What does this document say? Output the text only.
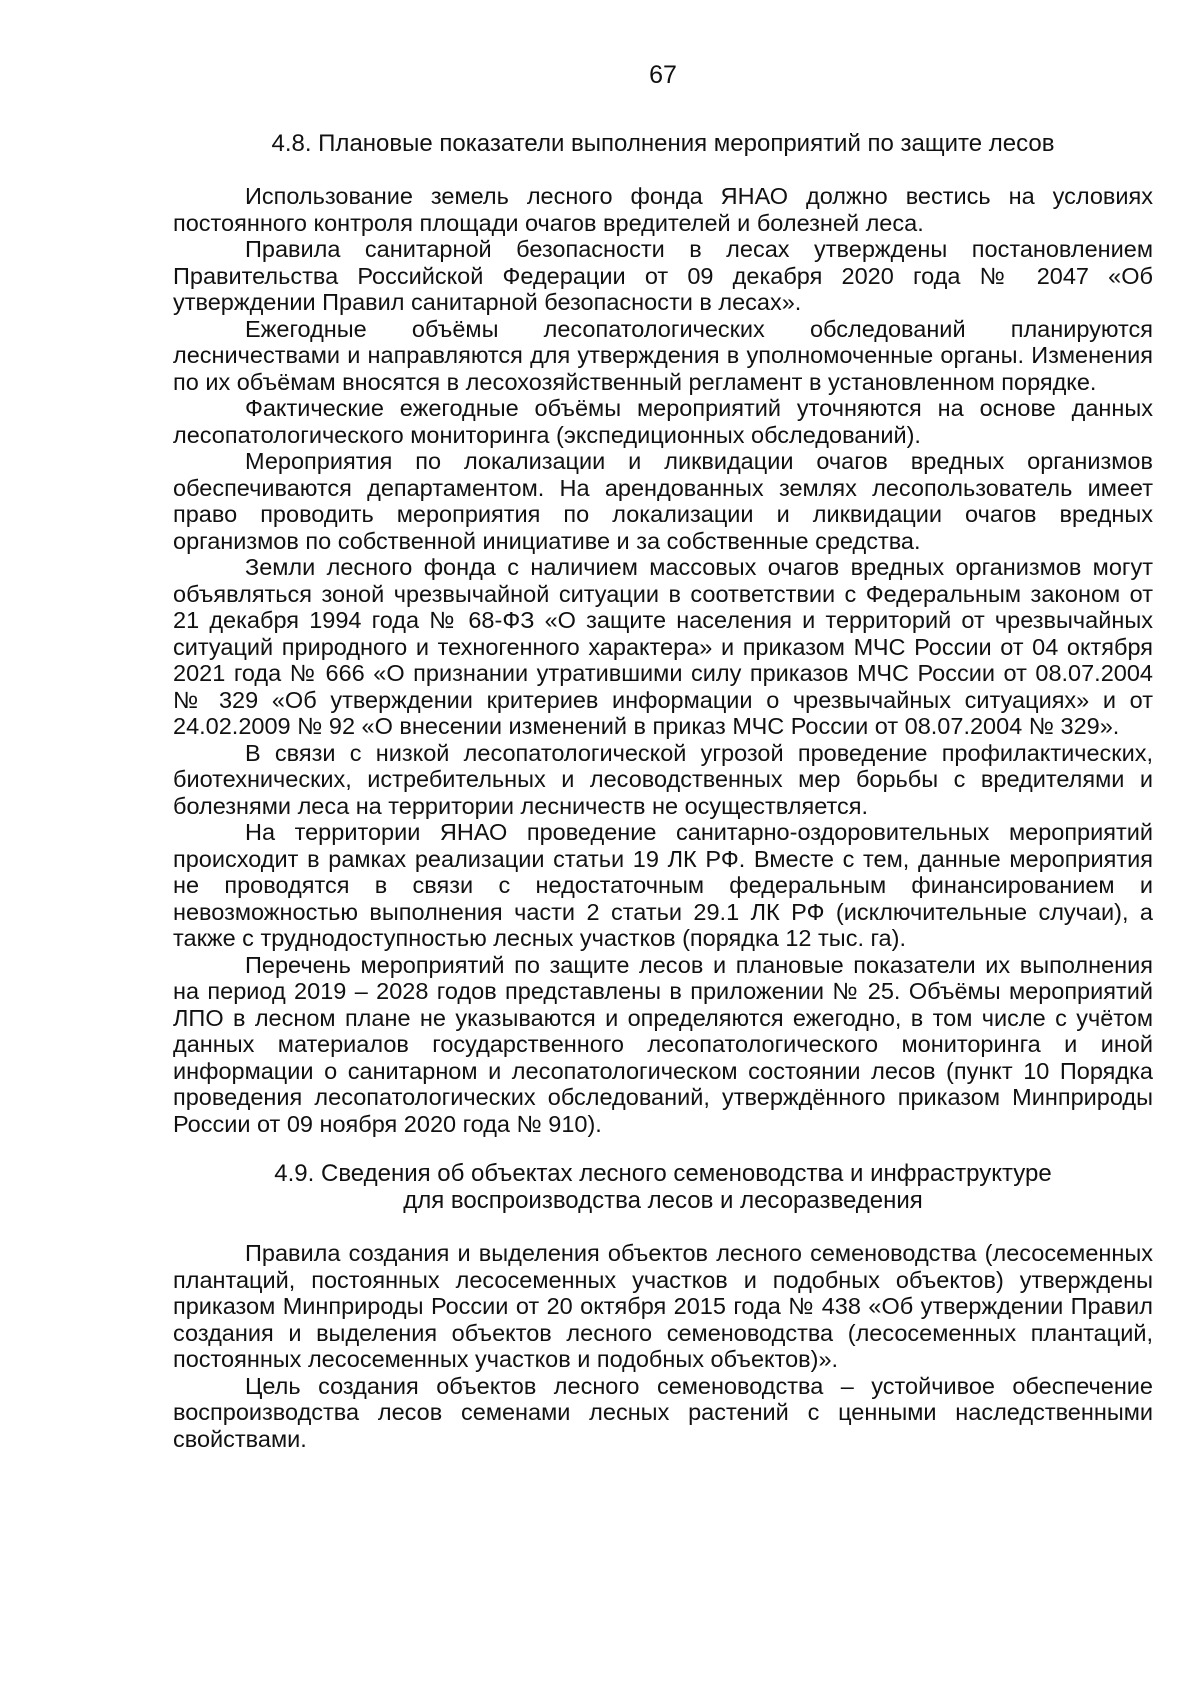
67
4.8. Плановые показатели выполнения мероприятий по защите лесов

Использование земель лесного фонда ЯНАО должно вестись на условиях постоянного контроля площади очагов вредителей и болезней леса.

Правила санитарной безопасности в лесах утверждены постановлением Правительства Российской Федерации от 09 декабря 2020 года № 2047 «Об утверждении Правил санитарной безопасности в лесах».

Ежегодные объёмы лесопатологических обследований планируются лесничествами и направляются для утверждения в уполномоченные органы. Изменения по их объёмам вносятся в лесохозяйственный регламент в установленном порядке.

Фактические ежегодные объёмы мероприятий уточняются на основе данных лесопатологического мониторинга (экспедиционных обследований).

Мероприятия по локализации и ликвидации очагов вредных организмов обеспечиваются департаментом. На арендованных землях лесопользователь имеет право проводить мероприятия по локализации и ликвидации очагов вредных организмов по собственной инициативе и за собственные средства.

Земли лесного фонда с наличием массовых очагов вредных организмов могут объявляться зоной чрезвычайной ситуации в соответствии с Федеральным законом от 21 декабря 1994 года № 68-ФЗ «О защите населения и территорий от чрезвычайных ситуаций природного и техногенного характера» и приказом МЧС России от 04 октября 2021 года № 666 «О признании утратившими силу приказов МЧС России от 08.07.2004 № 329 «Об утверждении критериев информации о чрезвычайных ситуациях» и от 24.02.2009 № 92 «О внесении изменений в приказ МЧС России от 08.07.2004 № 329».

В связи с низкой лесопатологической угрозой проведение профилактических, биотехнических, истребительных и лесоводственных мер борьбы с вредителями и болезнями леса на территории лесничеств не осуществляется.

На территории ЯНАО проведение санитарно-оздоровительных мероприятий происходит в рамках реализации статьи 19 ЛК РФ. Вместе с тем, данные мероприятия не проводятся в связи с недостаточным федеральным финансированием и невозможностью выполнения части 2 статьи 29.1 ЛК РФ (исключительные случаи), а также с труднодоступностью лесных участков (порядка 12 тыс. га).

Перечень мероприятий по защите лесов и плановые показатели их выполнения на период 2019 – 2028 годов представлены в приложении № 25. Объёмы мероприятий ЛПО в лесном плане не указываются и определяются ежегодно, в том числе с учётом данных материалов государственного лесопатологического мониторинга и иной информации о санитарном и лесопатологическом состоянии лесов (пункт 10 Порядка проведения лесопатологических обследований, утверждённого приказом Минприроды России от 09 ноября 2020 года № 910).

4.9. Сведения об объектах лесного семеноводства и инфраструктуре
для воспроизводства лесов и лесоразведения

Правила создания и выделения объектов лесного семеноводства (лесосеменных плантаций, постоянных лесосеменных участков и подобных объектов) утверждены приказом Минприроды России от 20 октября 2015 года № 438 «Об утверждении Правил создания и выделения объектов лесного семеноводства (лесосеменных плантаций, постоянных лесосеменных участков и подобных объектов)».

Цель создания объектов лесного семеноводства – устойчивое обеспечение воспроизводства лесов семенами лесных растений с ценными наследственными свойствами.
